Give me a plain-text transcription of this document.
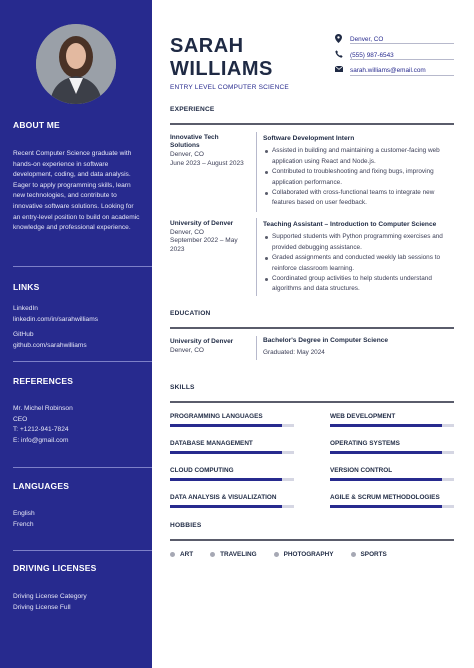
ABOUT ME
Recent Computer Science graduate with hands-on experience in software development, coding, and data analysis. Eager to apply programming skills, learn new technologies, and contribute to innovative software solutions. Looking for an entry-level position to build on academic knowledge and professional experience.
LINKS
LinkedIn
linkedin.com/in/sarahwilliams
GitHub
github.com/sarahwilliams
REFERENCES
Mr. Michel Robinson
CEO
T: +1212-941-7824
E: info@gmail.com
LANGUAGES
English
French
DRIVING LICENSES
Driving License Category
Driving License Full
SARAH
WILLIAMS
ENTRY LEVEL COMPUTER SCIENCE
Denver, CO
(555) 987-6543
sarah.williams@email.com
EXPERIENCE
Innovative Tech Solutions
Denver, CO
June 2023 – August 2023
Software Development Intern
Assisted in building and maintaining a customer-facing web application using React and Node.js.
Contributed to troubleshooting and fixing bugs, improving application performance.
Collaborated with cross-functional teams to integrate new features based on user feedback.
University of Denver
Denver, CO
September 2022 – May 2023
Teaching Assistant – Introduction to Computer Science
Supported students with Python programming exercises and provided debugging assistance.
Graded assignments and conducted weekly lab sessions to reinforce classroom learning.
Coordinated group activities to help students understand algorithms and data structures.
EDUCATION
University of Denver
Denver, CO
Bachelor's Degree in Computer Science
Graduated: May 2024
SKILLS
PROGRAMMING LANGUAGES	WEB DEVELOPMENT
DATABASE MANAGEMENT	OPERATING SYSTEMS
CLOUD COMPUTING	VERSION CONTROL
DATA ANALYSIS & VISUALIZATION	AGILE & SCRUM METHODOLOGIES
HOBBIES
ART	TRAVELING	PHOTOGRAPHY	SPORTS
